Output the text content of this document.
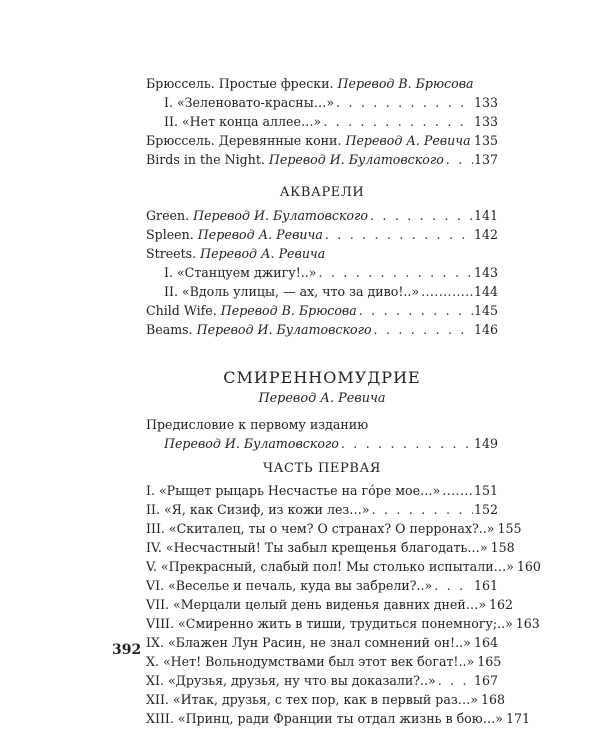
Брюссель. Простые фрески. Перевод В. Брюсова
I. «Зеленовато-красны…» . . .	133
II. «Нет конца аллее…» . . .	133
Брюссель. Деревянные кони. Перевод А. Ревича ..... 135
Birds in the Night. Перевод И. Булатовского . . . 137
АКВАРЕЛИ
Green. Перевод И. Булатовского . . .	141
Spleen. Перевод А. Ревича . . .	142
Streets. Перевод А. Ревича
I. «Станцуем джигу!..» . . .	143
II. «Вдоль улицы, — ах, что за диво!..» .....	144
Child Wife. Перевод В. Брюсова . . .	145
Beams. Перевод И. Булатовского . . .	146
СМИРЕННОМУДРИЕ
Перевод А. Ревича
Предисловие к первому изданию
Перевод И. Булатовского . . .	149
ЧАСТЬ ПЕРВАЯ
I. «Рыщет рыцарь Несчастье на го́ре мое…» .....	151
II. «Я, как Сизиф, из кожи лез…» . . .	152
III. «Скиталец, ты о чем? О странах? О перронах?..» 155
IV. «Несчастный! Ты забыл крещенья благодать…» 158
V. «Прекрасный, слабый пол! Мы столько испытали…» 160
VI. «Веселье и печаль, куда вы забрели?..» . . .	161
VII. «Мерцали целый день виденья давних дней…» 162
VIII. «Смиренно жить в тиши, трудиться понемногу;..» 163
IX. «Блажен Лун Расин, не знал сомнений он!..» . . . 164
X. «Нет! Вольнодумствами был этот век богат!..» 165
XI. «Друзья, друзья, ну что вы доказали?..» . . .	167
XII. «Итак, друзья, с тех пор, как в первый раз…» 168
XIII. «Принц, ради Франции ты отдал жизнь в бою…» 171
392
